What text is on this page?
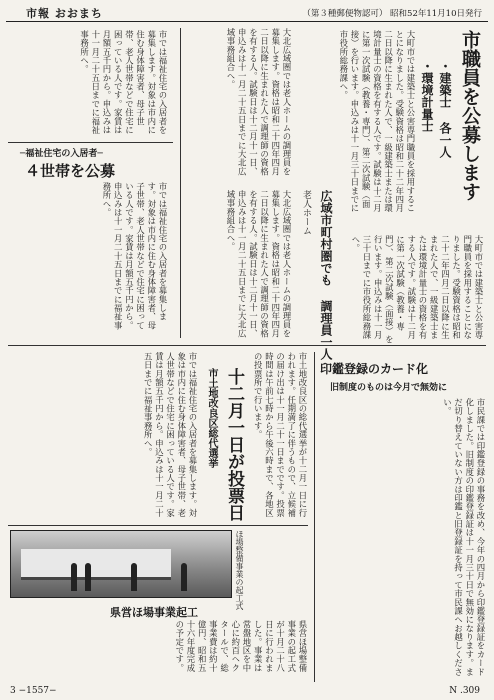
市報 おおまち	（第３種郵便物認可） 昭和52年11月10日発行
市職員を公募します
・建築士 各一人
・環境計量士
大町市では建築士と公害専門職員を採用することになりました。受験資格は昭和二十二年四月二日以降に生まれた人で、一級建築士または環境計量士の資格を有する人です。試験は十二月に第一次試験（教養・専門）、第二次試験（面接）を行います。申込みは十一月三十日までに市役所総務課へ。
大町市では建築士と公害専門職員を採用することになりました。受験資格は昭和二十二年四月二日以降に生まれた人で、一級建築士または環境計量士の資格を有する人です。試験は十二月に第一次試験（教養・専門）、第二次試験（面接）を行います。申込みは十一月三十日までに市役所総務課へ。
市では福祉住宅の入居者を募集します。対象は市内に住む身体障害者、母子世帯、老人世帯などで住宅に困っている人です。家賃は月額五千円から。申込みは十一月二十五日までに福祉事務所へ。
─福祉住宅の入居者─
４世帯を公募
市では福祉住宅の入居者を募集します。対象は市内に住む身体障害者、母子世帯、老人世帯などで住宅に困っている人です。家賃は月額五千円から。申込みは十一月二十五日までに福祉事務所へ。	広域市町村圏でも 調理員一人
老人ホーム
大北広域圏では老人ホームの調理員を募集します。資格は昭和二十四年四月二日以降に生まれた人で調理師の資格を有する人。試験日は十二月十一日、申込みは十一月二十五日までに大北広域事務組合へ。
大北広域圏では老人ホームの調理員を募集します。資格は昭和二十四年四月二日以降に生まれた人で調理師の資格を有する人。試験日は十二月十一日、申込みは十一月二十五日までに大北広域事務組合へ。
十二月一日が投票日
市土地改良区総代選挙	市土地改良区の総代選挙が十二月一日に行われます。任期満了に伴うもので、立候補の届け出は十一月二十一日までです。投票時間は午前七時から午後六時まで、各地区の投票所で行います。
市では福祉住宅の入居者を募集します。対象は市内に住む身体障害者、母子世帯、老人世帯などで住宅に困っている人です。家賃は月額五千円から。申込みは十一月二十五日までに福祉事務所へ。	印鑑登録のカード化
旧制度のものは今月で無効に
市民課では印鑑登録の事務を改め、今年の四月から印鑑登録証をカード化しました。旧制度の印鑑登録証は十一月三十日で無効になります。まだ切り替えていない方は印鑑と旧登録証を持って市民課へお越しください。
ほ場整備事業の起工式
県営ほ場事業起工
県営ほ場整備事業の起工式が十月二十八日に行われました。事業は常盤地区を中心に約百ヘクタールで、総事業費は約十億円、昭和五十六年度完成の予定です。
3 −1557−	N .309
